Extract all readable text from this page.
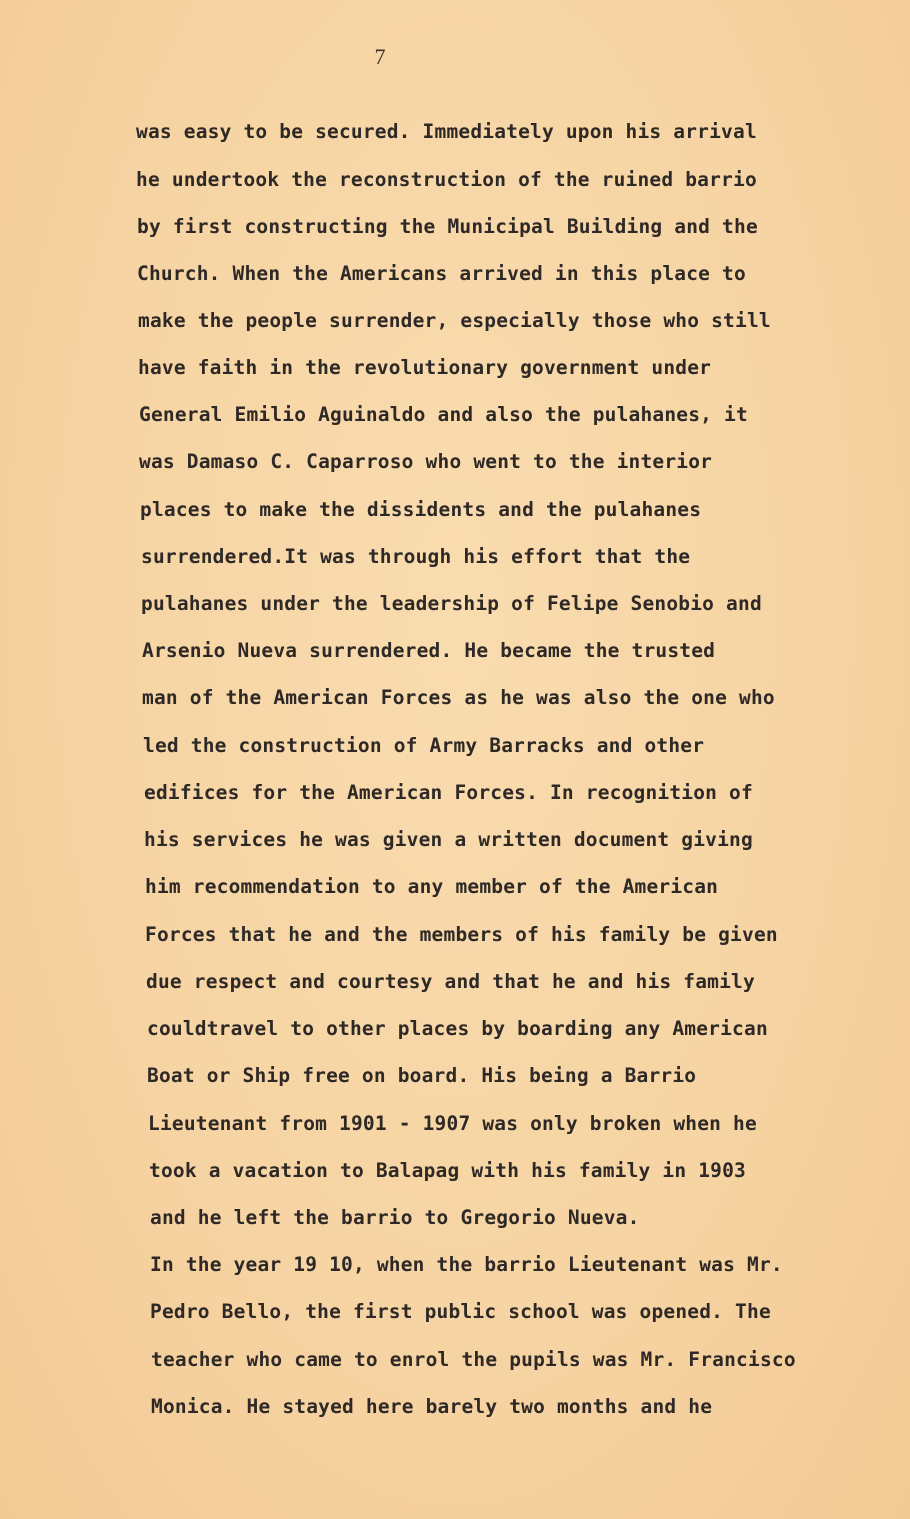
7
was easy to be secured. Immediately upon his arrival
he undertook the reconstruction of the ruined barrio
by first constructing the Municipal Building and the
Church. When the Americans arrived in this place to
make the people surrender, especially those who still
have faith in the revolutionary government under
General Emilio Aguinaldo and also the pulahanes, it
was Damaso C. Caparroso who went to the interior
places to make the dissidents and the pulahanes
surrendered.It was through his effort that the
pulahanes under the leadership of Felipe Senobio and
Arsenio Nueva surrendered. He became the trusted
man of the American Forces as he was also the one who
led the construction of Army Barracks and other
edifices for the American Forces. In recognition of
his services he was given a written document giving
him recommendation to any member of the American
Forces that he and the members of his family be given
due respect and courtesy and that he and his family
couldtravel to other places by boarding any American
Boat or Ship free on board. His being a Barrio
Lieutenant from 1901 - 1907 was only broken when he
took a vacation to Balapag with his family in 1903
and he left the barrio to Gregorio Nueva.
In the year 19 10, when the barrio Lieutenant was Mr.
Pedro Bello, the first public school was opened. The
teacher who came to enrol the pupils was Mr. Francisco
Monica. He stayed here barely two months and he
